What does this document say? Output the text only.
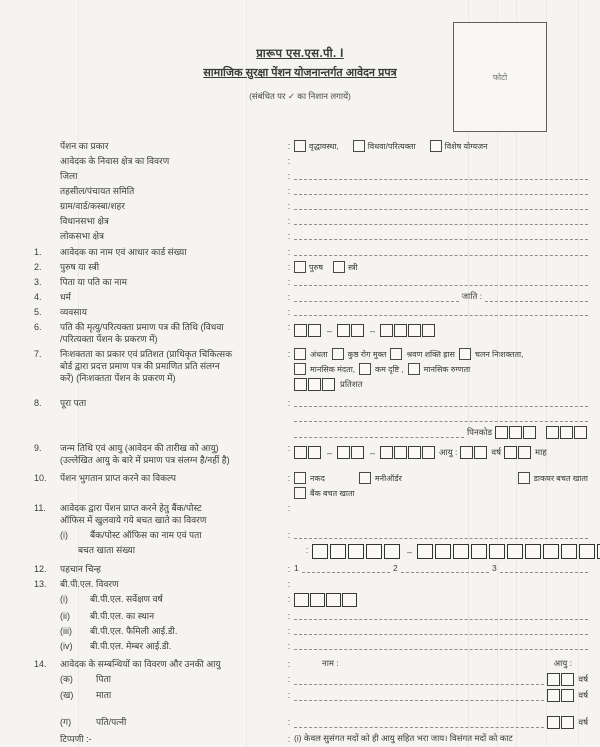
फोटो
प्रारूप एस.एस.पी. I
सामाजिक सुरक्षा पेंशन योजनान्तर्गत आवेदन प्रपत्र
(संबंधित पर ✓ का निशान लगायें)
पेंशन का प्रकार	:	वृद्धावस्था,	विधवा/परित्यक्ता	विशेष योग्यजन
आवेदक के निवास क्षेत्र का विवरण	:
जिला	:
तहसील/पंचायत समिति	:
ग्राम/वार्ड/कस्बा/शहर	:
विधानसभा क्षेत्र	:
लोकसभा क्षेत्र	:
1.	आवेदक का नाम एवं आधार कार्ड संख्या	:
2.	पुरुष या स्त्री	:	पुरुष	स्त्री
3.	पिता या पति का नाम	:
4.	धर्म	:	जाति :
5.	व्यवसाय	:
6.	पति की मृत्यु/परित्यक्ता प्रमाण पत्र की तिथि (विधवा
/परित्यक्ता पेंशन के प्रकरण में)
:	–	–
7.	निःशक्तता का प्रकार एवं प्रतिशत (प्राधिकृत चिकित्सक
बोर्ड द्वारा प्रदत्त प्रमाण पत्र की प्रमाणित प्रति संलग्न
करें) (निःशक्तता पेंशन के प्रकरण में)
:	अंधता	कुष्ठ रोग मुक्त	श्रवण शक्ति ह्रास	चलन निःशक्तता,
मानसिक मंदता,	कम दृष्टि ,	मानसिक रुग्णता
प्रतिशत
8.	पूरा पता	:
पिनकोड
9.	जन्म तिथि एवं आयु (आवेदन की तारीख को आयु)
(उल्लेखित आयु के बारे में प्रमाण पत्र संलग्न है/नहीं है)
:	–	–	आयु :	वर्ष	माह
10.	पेंशन भुगतान प्राप्त करने का विकल्प	:	नकद	मनीऑर्डर	डाकघर बचत खाता
बैंक बचत खाता
11.	आवेदक द्वारा पेंशन प्राप्त करने हेतु बैंक/पोस्ट
ऑफिस में खुलवाये गये बचत खाते का विवरण
:
(i)	बैंक/पोस्ट ऑफिस का नाम एवं पता	:
बचत खाता संख्या	:	–
12.	पहचान चिन्ह	: 1	2	3
13.	बी.पी.एल. विवरण	:
(i)	बी.पी.एल. सर्वेक्षण वर्ष	:
(ii)	बी.पी.एल. का स्थान	:
(iii)	बी.पी.एल. फैमिली आई.डी.	:
(iv)	बी.पी.एल. मेम्बर आई.डी.	:
14.	आवेदक के सम्बन्धियों का विवरण और उनकी आयु	:	नाम :	आयु :
(क)	पिता	:	वर्ष
(ख)	माता	:	वर्ष
(ग)	पति/पत्नी	:	वर्ष
टिप्पणी :-	: (i) केवल सुसंगत मदों को ही आयु सहित भरा जाय। विसंगत मदों को काट
